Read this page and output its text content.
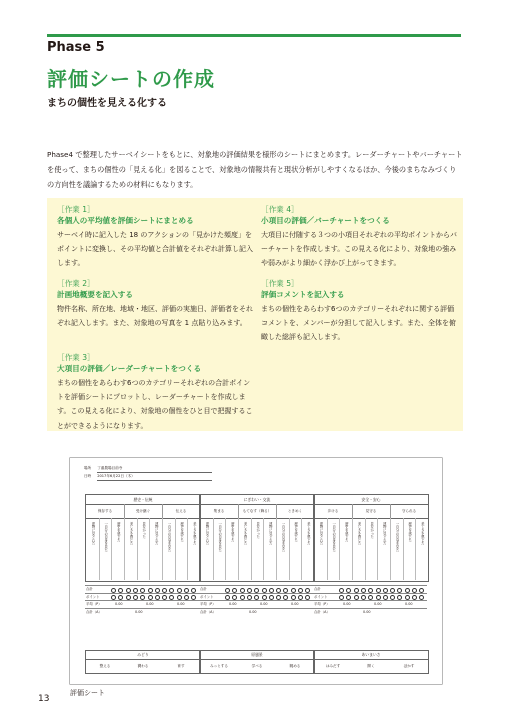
Phase 5
評価シートの作成
まちの個性を見える化する
Phase4 で整理したサーベイシートをもとに、対象地の評価結果を様形のシートにまとめます。レーダーチャートやバーチャートを使って、まちの個性の「見える化」を図ることで、対象地の情報共有と現状分析がしやすくなるほか、今後のまちなみづくりの方向性を議論するための材料にもなります。
［作業 1］
各個人の平均値を評価シートにまとめる
サーベイ時に記入した 18 のアクションの「見かけた頻度」をポイントに変換し、その平均値と合計値をそれぞれ計算し記入します。
［作業 2］
計画地概要を記入する
物件名称、所在地、地域・地区、評価の実施日、評価者をそれぞれ記入します。また、対象地の写真を 1 点貼り込みます。
［作業 3］
大項目の評価／レーダーチャートをつくる
まちの個性をあらわす6つのカテゴリーそれぞれの合計ポイントを評価シートにプロットし、レーダーチャートを作成します。この見える化により、対象地の個性をひと目で把握することができるようになります。
［作業 4］
小項目の評価／バーチャートをつくる
大項目に付随する３つの小項目それぞれの平均ポイントからバーチャートを作成します。この見える化により、対象地の強みや弱みがより細かく浮かび上がってきます。
［作業 5］
評価コメントを記入する
まちの個性をあらわす6つのカテゴリーそれぞれに関する評価コメントを、メンバーが分担して記入します。また、全体を俯瞰した総評も記入します。
場所 丁番農場目前寺
日時 2017年6月22日（木）
歴史・伝統
保存する	受け継ぐ	伝える
建物に見とれた	一自分の自身を見た	歴史を感じた	美しさを感じた	見なかった	建物に見とれた	一自分の自身を見た	歴史を感じた	美しさを感じた
合計
ポイント
平均（P）	0.00	0.00	0.00
合計（A）	0.00
にぎわい・交流
集まる	もてなす（飾る）	ときめく
建物に見とれた	一自分の自身を見た	歴史を感じた	美しさを感じた	見なかった	建物に見とれた	一自分の自身を見た	歴史を感じた	美しさを感じた
合計
ポイント
平均（P）	0.00	0.00	0.00
合計（A）	0.00
安全・安心
歩ける	見守る	守られる
建物に見とれた	一自分の自身を見た	歴史を感じた	美しさを感じた	見なかった	建物に見とれた	一自分の自身を見た	歴史を感じた	美しさを感じた
合計
ポイント
平均（P）	0.00	0.00	0.00
合計（A）	0.00
みどり
整える	潤わる	育す
原風景
みっとする	学べる	眺める
あいまいさ
はみだす	開く	ぼかす
評価シート
13
